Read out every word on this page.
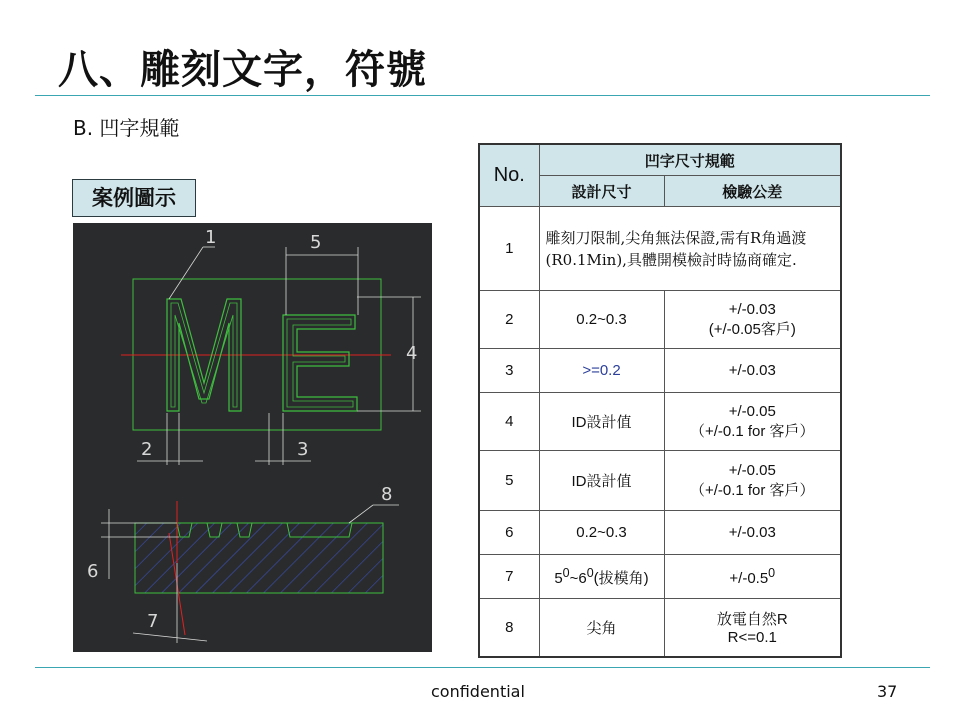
八、雕刻文字，符號
B. 凹字規範
案例圖示
5
4
1
2	3
6
8
7
No.	凹字尺寸規範	
	設計尺寸	檢驗公差
1	雕刻刀限制,尖角無法保證,需有R角過渡(R0.1Min),具體開模檢討時協商確定.	
2	0.2~0.3	+/-0.03
(+/-0.05客戶)

3	>=0.2	+/-0.03
4	ID設計值	+/-0.05
（+/-0.1 for 客戶）

5	ID設計值	+/-0.05
（+/-0.1 for 客戶）

6	0.2~0.3	+/-0.03
7	$5^0\sim 6^0$(拔模角)	$+/-0.5^0$
8	尖角	放電自然R
R<=0.1
confidential	37
